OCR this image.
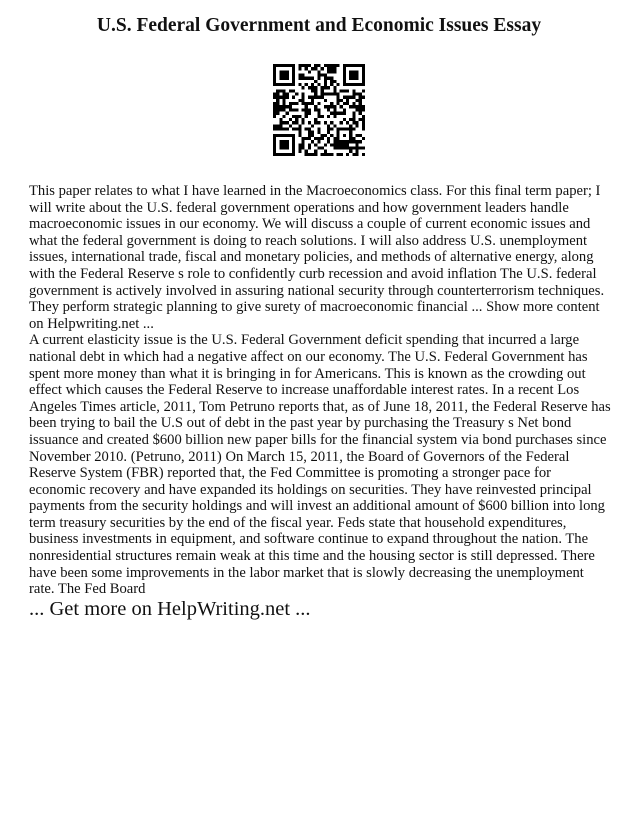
U.S. Federal Government and Economic Issues Essay

This paper relates to what I have learned in the Macroeconomics class. For this final term paper; I will write about the U.S. federal government operations and how government leaders handle macroeconomic issues in our economy. We will discuss a couple of current economic issues and what the federal government is doing to reach solutions. I will also address U.S. unemployment issues, international trade, fiscal and monetary policies, and methods of alternative energy, along with the Federal Reserve s role to confidently curb recession and avoid inflation The U.S. federal government is actively involved in assuring national security through counterterrorism techniques. They perform strategic planning to give surety of macroeconomic financial ... Show more content on Helpwriting.net ...

A current elasticity issue is the U.S. Federal Government deficit spending that incurred a large national debt in which had a negative affect on our economy. The U.S. Federal Government has spent more money than what it is bringing in for Americans. This is known as the crowding out effect which causes the Federal Reserve to increase unaffordable interest rates. In a recent Los Angeles Times article, 2011, Tom Petruno reports that, as of June 18, 2011, the Federal Reserve has been trying to bail the U.S out of debt in the past year by purchasing the Treasury s Net bond issuance and created $600 billion new paper bills for the financial system via bond purchases since November 2010. (Petruno, 2011) On March 15, 2011, the Board of Governors of the Federal Reserve System (FBR) reported that, the Fed Committee is promoting a stronger pace for economic recovery and have expanded its holdings on securities. They have reinvested principal payments from the security holdings and will invest an additional amount of $600 billion into long term treasury securities by the end of the fiscal year. Feds state that household expenditures, business investments in equipment, and software continue to expand throughout the nation. The nonresidential structures remain weak at this time and the housing sector is still depressed. There have been some improvements in the labor market that is slowly decreasing the unemployment rate. The Fed Board

... Get more on HelpWriting.net ...
